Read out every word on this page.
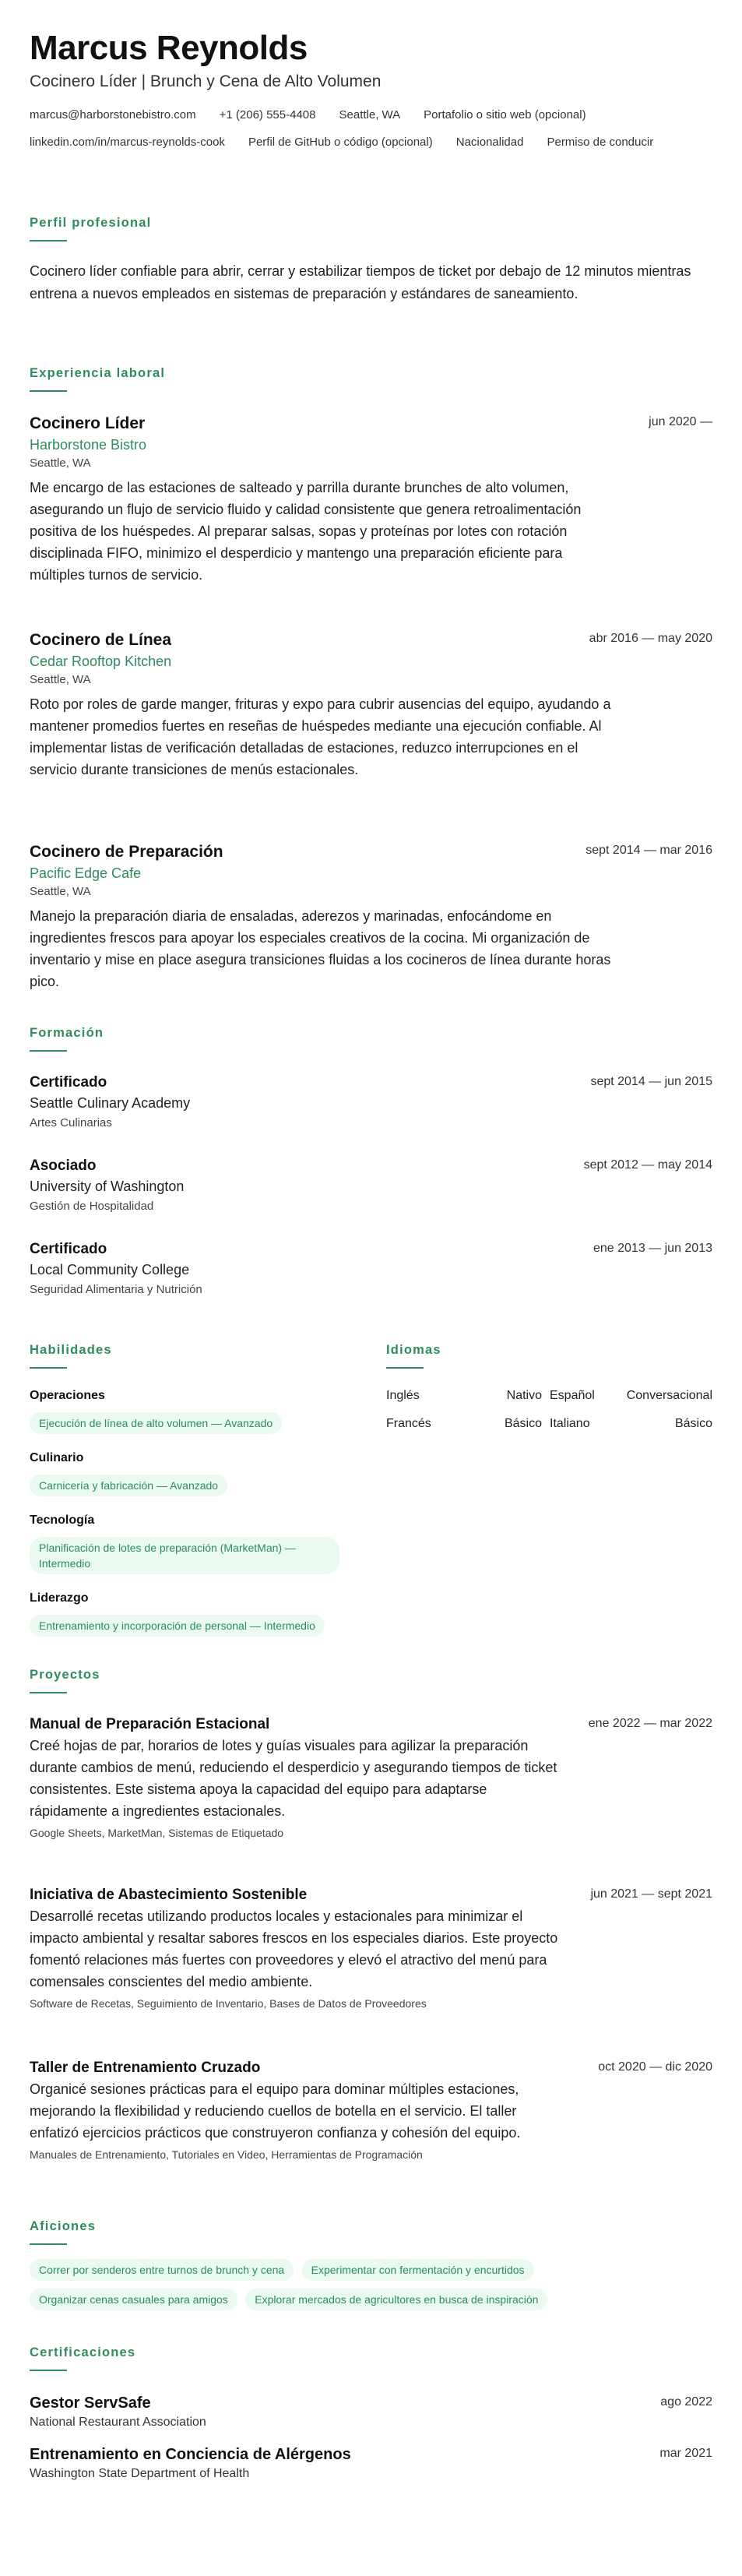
Marcus Reynolds
Cocinero Líder | Brunch y Cena de Alto Volumen
marcus@harborstonebistro.com +1 (206) 555-4408 Seattle, WA Portafolio o sitio web (opcional)
linkedin.com/in/marcus-reynolds-cook Perfil de GitHub o código (opcional) Nacionalidad Permiso de conducir
Perfil profesional
Cocinero líder confiable para abrir, cerrar y estabilizar tiempos de ticket por debajo de 12 minutos mientras entrena a nuevos empleados en sistemas de preparación y estándares de saneamiento.
Experiencia laboral
Cocinero Líder	jun 2020 —
Harborstone Bistro
Seattle, WA
Me encargo de las estaciones de salteado y parrilla durante brunches de alto volumen, asegurando un flujo de servicio fluido y calidad consistente que genera retroalimentación positiva de los huéspedes. Al preparar salsas, sopas y proteínas por lotes con rotación disciplinada FIFO, minimizo el desperdicio y mantengo una preparación eficiente para múltiples turnos de servicio.
Cocinero de Línea	abr 2016 — may 2020
Cedar Rooftop Kitchen
Seattle, WA
Roto por roles de garde manger, frituras y expo para cubrir ausencias del equipo, ayudando a mantener promedios fuertes en reseñas de huéspedes mediante una ejecución confiable. Al implementar listas de verificación detalladas de estaciones, reduzco interrupciones en el servicio durante transiciones de menús estacionales.
Cocinero de Preparación	sept 2014 — mar 2016
Pacific Edge Cafe
Seattle, WA
Manejo la preparación diaria de ensaladas, aderezos y marinadas, enfocándome en ingredientes frescos para apoyar los especiales creativos de la cocina. Mi organización de inventario y mise en place asegura transiciones fluidas a los cocineros de línea durante horas pico.
Formación
Certificado	sept 2014 — jun 2015
Seattle Culinary Academy
Artes Culinarias
Asociado	sept 2012 — may 2014
University of Washington
Gestión de Hospitalidad
Certificado	ene 2013 — jun 2013
Local Community College
Seguridad Alimentaria y Nutrición
Habilidades
Operaciones
Ejecución de línea de alto volumen — Avanzado
Culinario
Carnicería y fabricación — Avanzado
Tecnología
Planificación de lotes de preparación (MarketMan) — Intermedio
Liderazgo
Entrenamiento y incorporación de personal — Intermedio
Idiomas
Inglés	Nativo Español	Conversacional
Francés	Básico Italiano	Básico
Proyectos
Manual de Preparación Estacional	ene 2022 — mar 2022
Creé hojas de par, horarios de lotes y guías visuales para agilizar la preparación durante cambios de menú, reduciendo el desperdicio y asegurando tiempos de ticket consistentes. Este sistema apoya la capacidad del equipo para adaptarse rápidamente a ingredientes estacionales.
Google Sheets, MarketMan, Sistemas de Etiquetado
Iniciativa de Abastecimiento Sostenible	jun 2021 — sept 2021
Desarrollé recetas utilizando productos locales y estacionales para minimizar el impacto ambiental y resaltar sabores frescos en los especiales diarios. Este proyecto fomentó relaciones más fuertes con proveedores y elevó el atractivo del menú para comensales conscientes del medio ambiente.
Software de Recetas, Seguimiento de Inventario, Bases de Datos de Proveedores
Taller de Entrenamiento Cruzado	oct 2020 — dic 2020
Organicé sesiones prácticas para el equipo para dominar múltiples estaciones, mejorando la flexibilidad y reduciendo cuellos de botella en el servicio. El taller enfatizó ejercicios prácticos que construyeron confianza y cohesión del equipo.
Manuales de Entrenamiento, Tutoriales en Video, Herramientas de Programación
Aficiones
Correr por senderos entre turnos de brunch y cena Experimentar con fermentación y encurtidos
Organizar cenas casuales para amigos Explorar mercados de agricultores en busca de inspiración
Certificaciones
Gestor ServSafe	ago 2022
National Restaurant Association
Entrenamiento en Conciencia de Alérgenos	mar 2021
Washington State Department of Health
